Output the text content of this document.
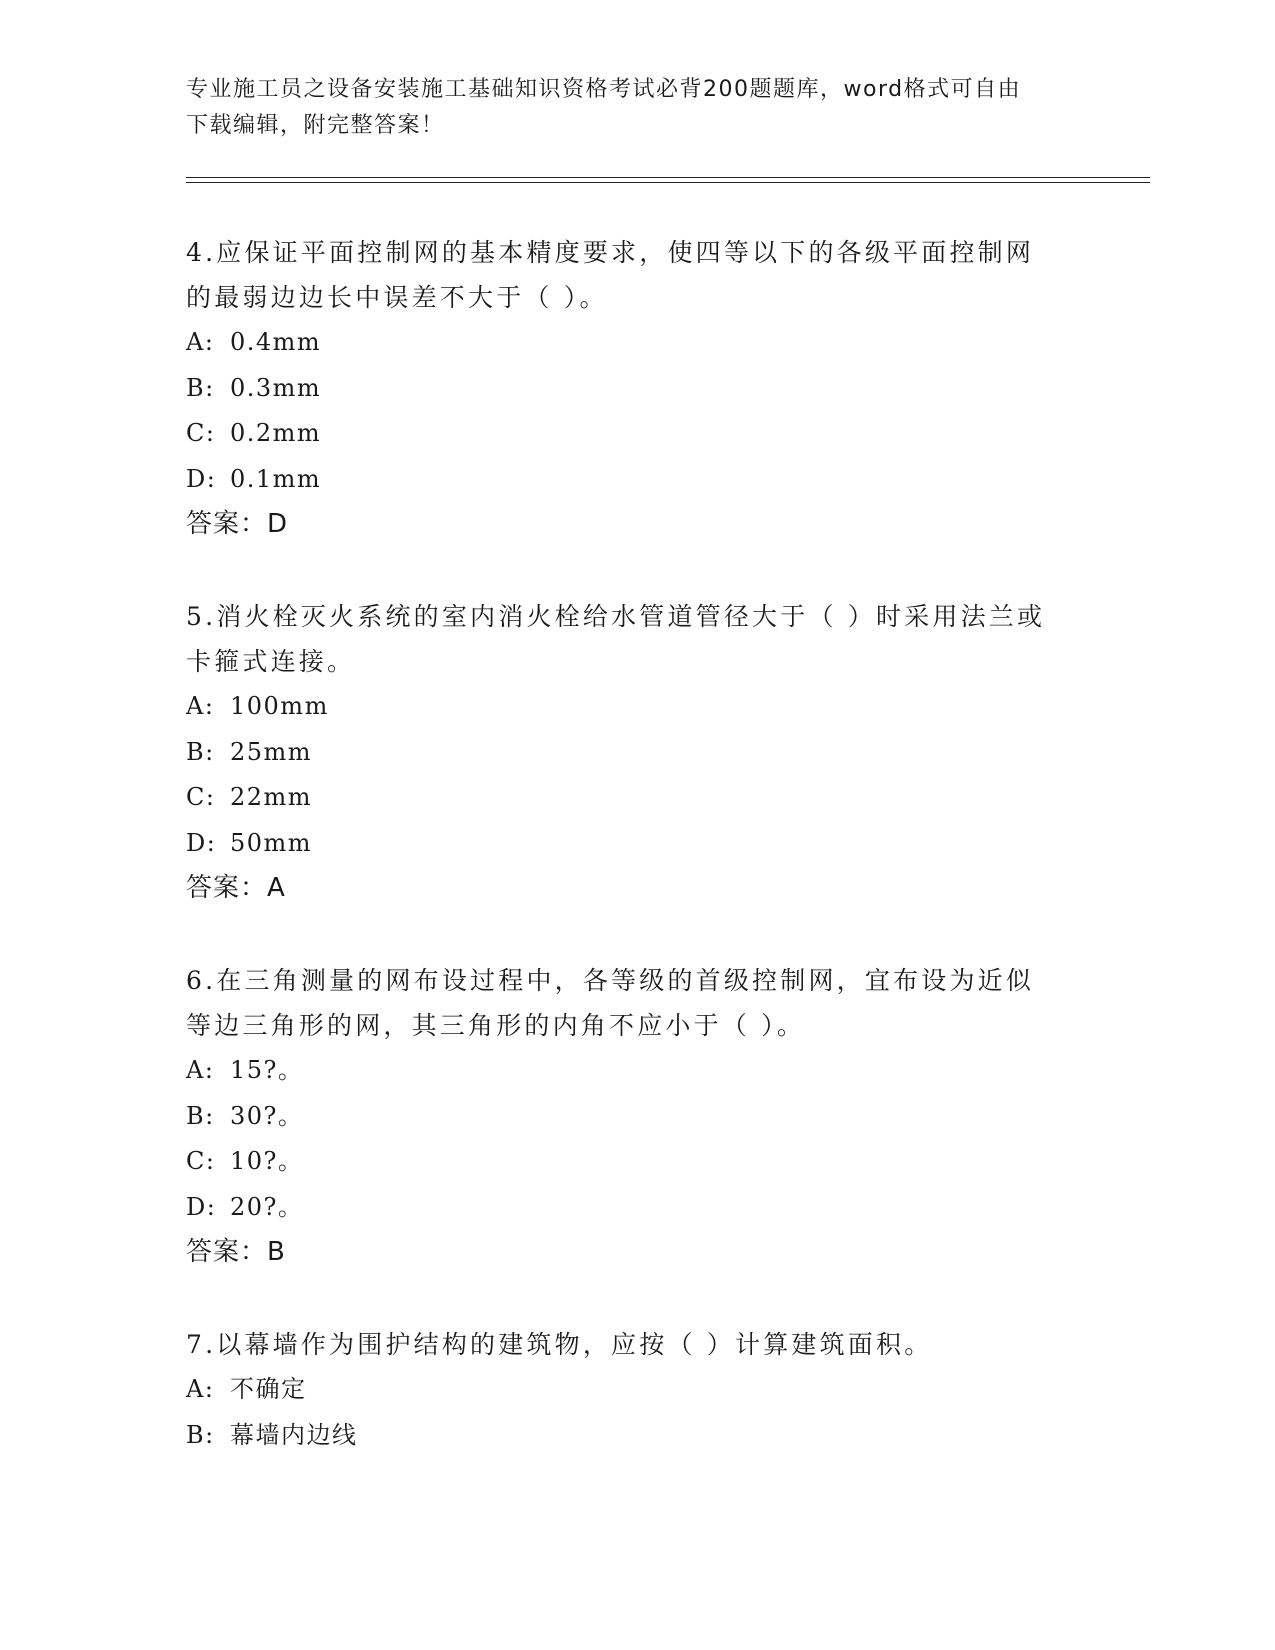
专业施工员之设备安装施工基础知识资格考试必背200题题库，word格式可自由
下载编辑，附完整答案！
4.应保证平面控制网的基本精度要求，使四等以下的各级平面控制网
的最弱边边长中误差不大于（ ）。
A: 0.4mm
B: 0.3mm
C: 0.2mm
D: 0.1mm
答案：D
5.消火栓灭火系统的室内消火栓给水管道管径大于（ ）时采用法兰或
卡箍式连接。
A: 100mm
B: 25mm
C: 22mm
D: 50mm
答案：A
6.在三角测量的网布设过程中，各等级的首级控制网，宜布设为近似
等边三角形的网，其三角形的内角不应小于（ ）。
A: 15?。
B: 30?。
C: 10?。
D: 20?。
答案：B
7.以幕墙作为围护结构的建筑物，应按（ ）计算建筑面积。
A: 不确定
B: 幕墙内边线
